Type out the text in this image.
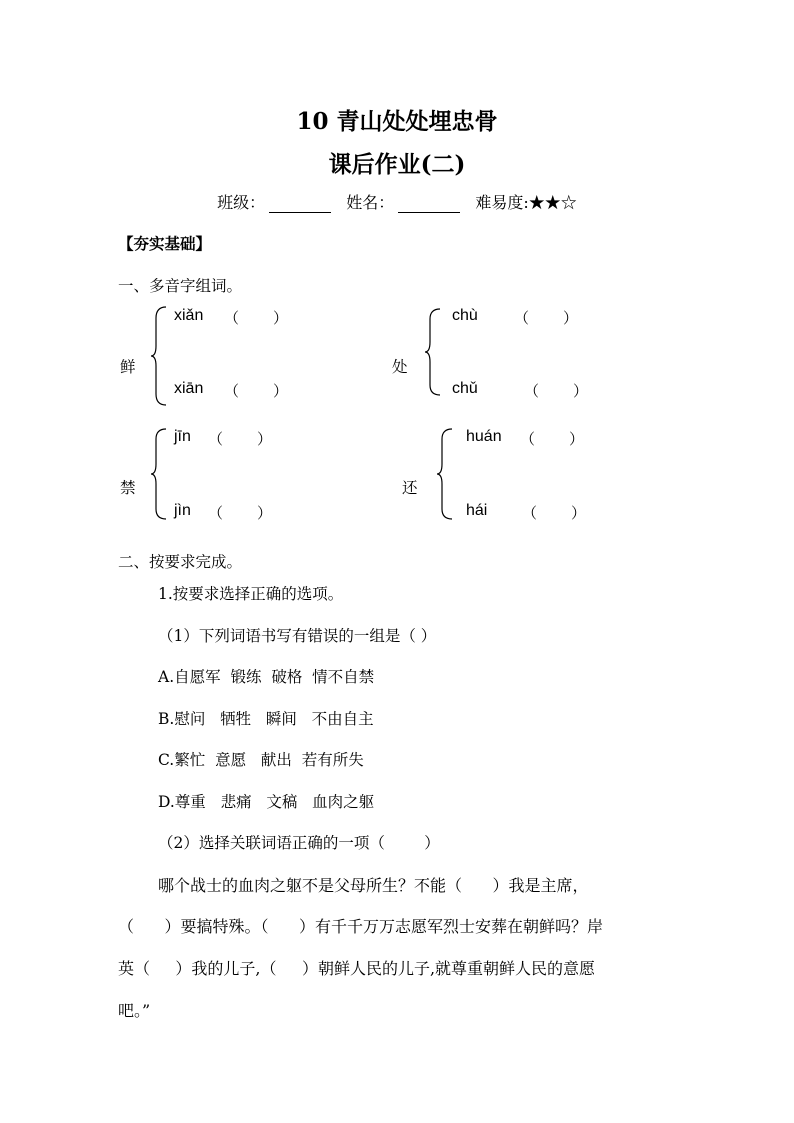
10 青山处处埋忠骨
课后作业(二)
班级：	姓名：	难易度:★★☆
【夯实基础】
一、多音字组词。
鲜
xiǎn （ ）
xiān （ ）
处
chù （ ）
chǔ	（ ）
禁
jīn （ ）
jìn （ ）
还
huán （ ）
hái （ ）
二、按要求完成。
1.按要求选择正确的选项。
（1）下列词语书写有错误的一组是（ ）
A.自愿军  锻练  破格  情不自禁
B.慰问   牺牲   瞬间   不由自主
C.繁忙  意愿   献出  若有所失
D.尊重   悲痛   文稿   血肉之躯
（2）选择关联词语正确的一项（        ）
哪个战士的血肉之躯不是父母所生？不能（      ）我是主席，
（      ）要搞特殊。（      ）有千千万万志愿军烈士安葬在朝鲜吗？岸
英（     ）我的儿子,（     ）朝鲜人民的儿子,就尊重朝鲜人民的意愿
吧。”
